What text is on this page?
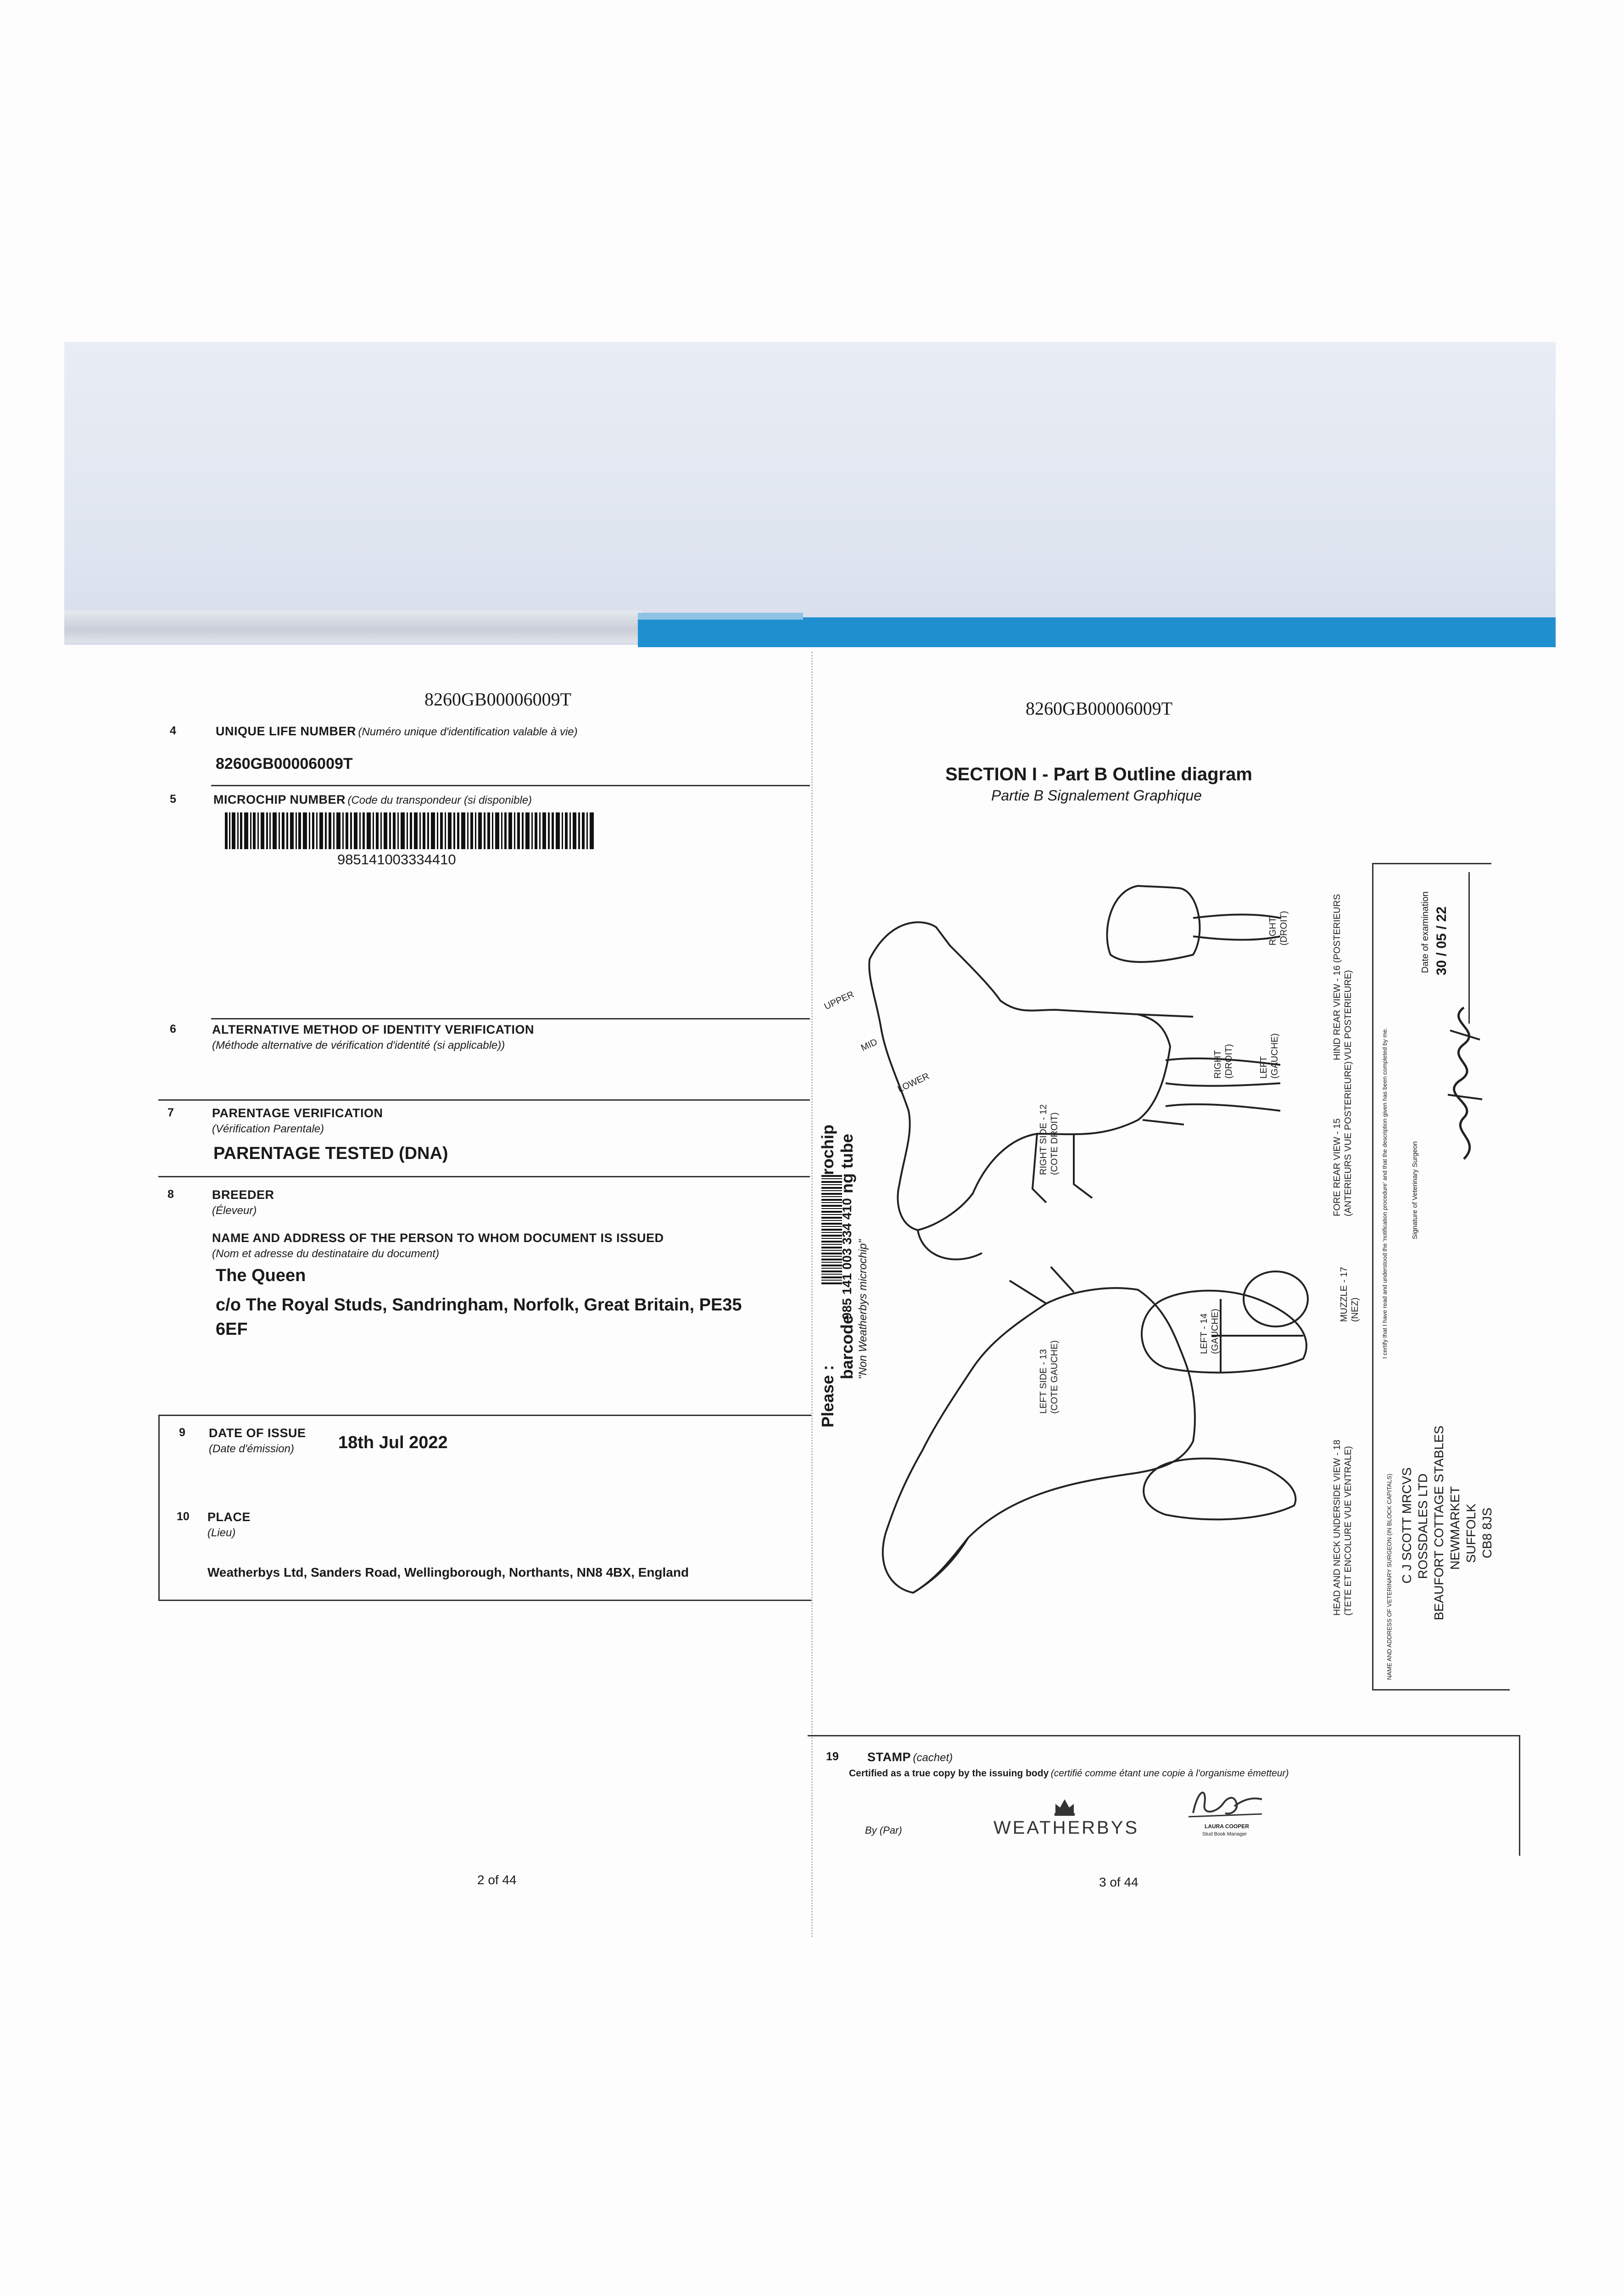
8260GB00006009T
4	UNIQUE LIFE NUMBER (Numéro unique d'identification valable à vie)
8260GB00006009T
5	MICROCHIP NUMBER (Code du transpondeur (si disponible)
985141003334410
6	ALTERNATIVE METHOD OF IDENTITY VERIFICATION
(Méthode alternative de vérification d'identité (si applicable))
7	PARENTAGE VERIFICATION
(Vérification Parentale)
PARENTAGE TESTED (DNA)
8	BREEDER
(Éleveur)
NAME AND ADDRESS OF THE PERSON TO WHOM DOCUMENT IS ISSUED
(Nom et adresse du destinataire du document)
The Queen
c/o The Royal Studs, Sandringham, Norfolk, Great Britain, PE35
6EF
9 DATE OF ISSUE
(Date d'émission)	18th Jul 2022
10 PLACE
(Lieu)
Weatherbys Ltd, Sanders Road, Wellingborough, Northants, NN8 4BX, England
2 of 44
Please :
barcode
rochip ng tube
985 141 003 334 410 "Non Weatherbys microchip"
8260GB00006009T
SECTION I - Part B Outline diagram
Partie B Signalement Graphique
UPPER
MID
LOWER
RIGHT SIDE - 12 (COTE DROIT)
LEFT SIDE - 13 (COTE GAUCHE)
LEFT - 14 (GAUCHE)
MUZZLE - 17 (NEZ)
RIGHT (DROIT)
LEFT (GAUCHE)
RIGHT (DROIT)
HIND REAR VIEW - 16 (POSTERIEURS VUE POSTERIEURE)
FORE REAR VIEW - 15 (ANTERIEURS VUE POSTERIEURE)
HEAD AND NECK UNDERSIDE VIEW - 18 (TETE ET ENCOLURE VUE VENTRALE)
I certify that I have read and understood the 'notification procedure' and that the description given has been completed by me.	Signature of Veterinary Surgeon
Date of examination 30 / 05 / 22
NAME AND ADDRESS OF VETERINARY SURGEON (IN BLOCK CAPITALS) C J SCOTT MRCVS ROSSDALES LTD BEAUFORT COTTAGE STABLES NEWMARKET SUFFOLK CB8 8JS
19 STAMP (cachet)
Certified as a true copy by the issuing body (certifié comme étant une copie à l'organisme émetteur)
By (Par)	WEATHERBYS	LAURA COOPER
Stud Book Manager
3 of 44
